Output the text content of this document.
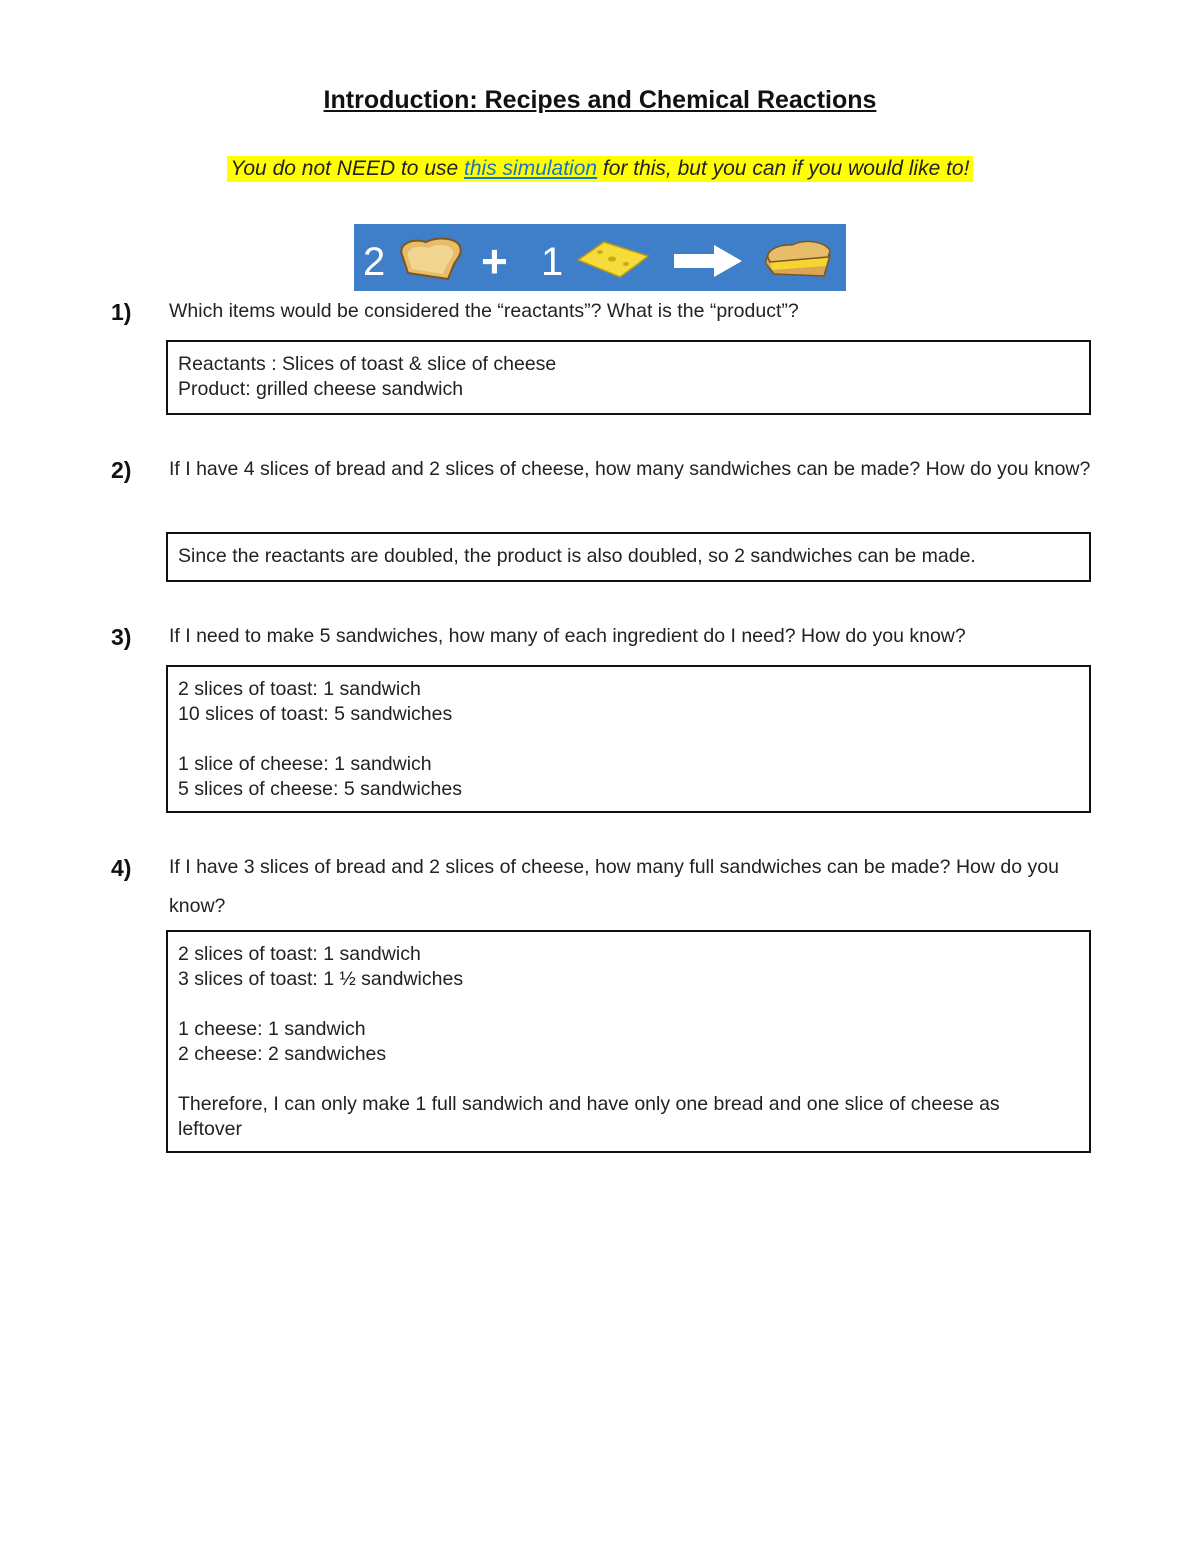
Introduction: Recipes and Chemical Reactions
You do not NEED to use this simulation for this, but you can if you would like to!
2 + 1
1) Which items would be considered the “reactants”? What is the “product”?
Reactants : Slices of toast & slice of cheese
Product: grilled cheese sandwich
2) If I have 4 slices of bread and 2 slices of cheese, how many sandwiches can be made? How do you know?
Since the reactants are doubled, the product is also doubled, so 2 sandwiches can be made.
3) If I need to make 5 sandwiches, how many of each ingredient do I need? How do you know?
2 slices of toast: 1 sandwich
10 slices of toast: 5 sandwiches
1 slice of cheese: 1 sandwich
5 slices of cheese: 5 sandwiches
4) If I have 3 slices of bread and 2 slices of cheese, how many full sandwiches can be made? How do you know?
2 slices of toast: 1 sandwich
3 slices of toast: 1 ½ sandwiches
1 cheese: 1 sandwich
2 cheese: 2 sandwiches
Therefore, I can only make 1 full sandwich and have only one bread and one slice of cheese as
leftover
